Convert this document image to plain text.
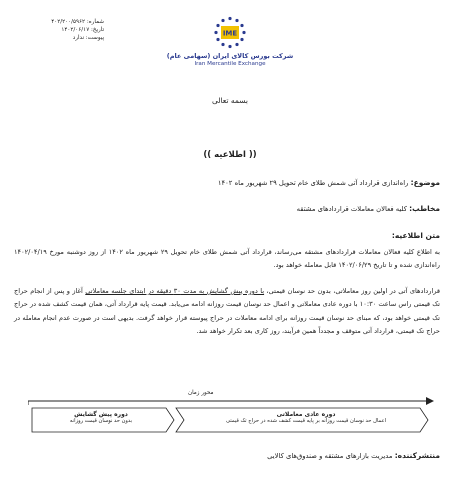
شماره: ۴۰۲/۲۰۰/۵۹۶۲
تاریخ: ۱۴۰۲/۰۶/۱۷
پیوست: ندارد
IME
شرکت بورس کالای ایران (سهامی عام)
Iran Mercantile Exchange
بسمه تعالی
(( اطلاعیه ))
موضوع: راه‌اندازی قرارداد آتی شمش طلای خام تحویل ۲۹ شهریور ماه ۱۴۰۲
مخاطب: کلیه فعالان معاملات قراردادهای مشتقه
متن اطلاعیه:
به اطلاع کلیه فعالان معاملات قراردادهای مشتقه می‌رساند، قرارداد آتی شمش طلای خام تحویل ۲۹ شهریور ماه ۱۴۰۲ از روز دوشنبه مورخ ۱۴۰۲/۰۴/۱۹ راه‌اندازی شده و تا تاریخ ۱۴۰۲/۰۶/۲۹ قابل معامله خواهد بود.
قراردادهای آتی در اولین روز معاملاتی، بدون حد نوسان قیمتی، با دوره پیش گشایش به مدت ۳۰ دقیقه در ابتدای جلسه معاملاتی آغاز و پس از انجام حراج تک قیمتی راس ساعت ۱۰:۳۰ با دوره عادی معاملاتی و اعمال حد نوسان قیمت روزانه ادامه می‌یابد. قیمت پایه قرارداد آتی، همان قیمت کشف شده در حراج تک قیمتی خواهد بود، که مبنای حد نوسان قیمت روزانه برای ادامه معاملات در حراج پیوسته قرار خواهد گرفت. بدیهی است در صورت عدم انجام معامله در حراج تک قیمتی، قرارداد آتی متوقف و مجدداً همین فرآیند، روز کاری بعد تکرار خواهد شد.
محور زمان
دوره پیش گشایش
بدون حد نوسان قیمت روزانه
دوره عادی معاملاتی
اعمال حد نوسان قیمت روزانه بر پایه قیمت کشف شده در حراج تک قیمتی
منتشرکننده: مدیریت بازارهای مشتقه و صندوق‌های کالایی
